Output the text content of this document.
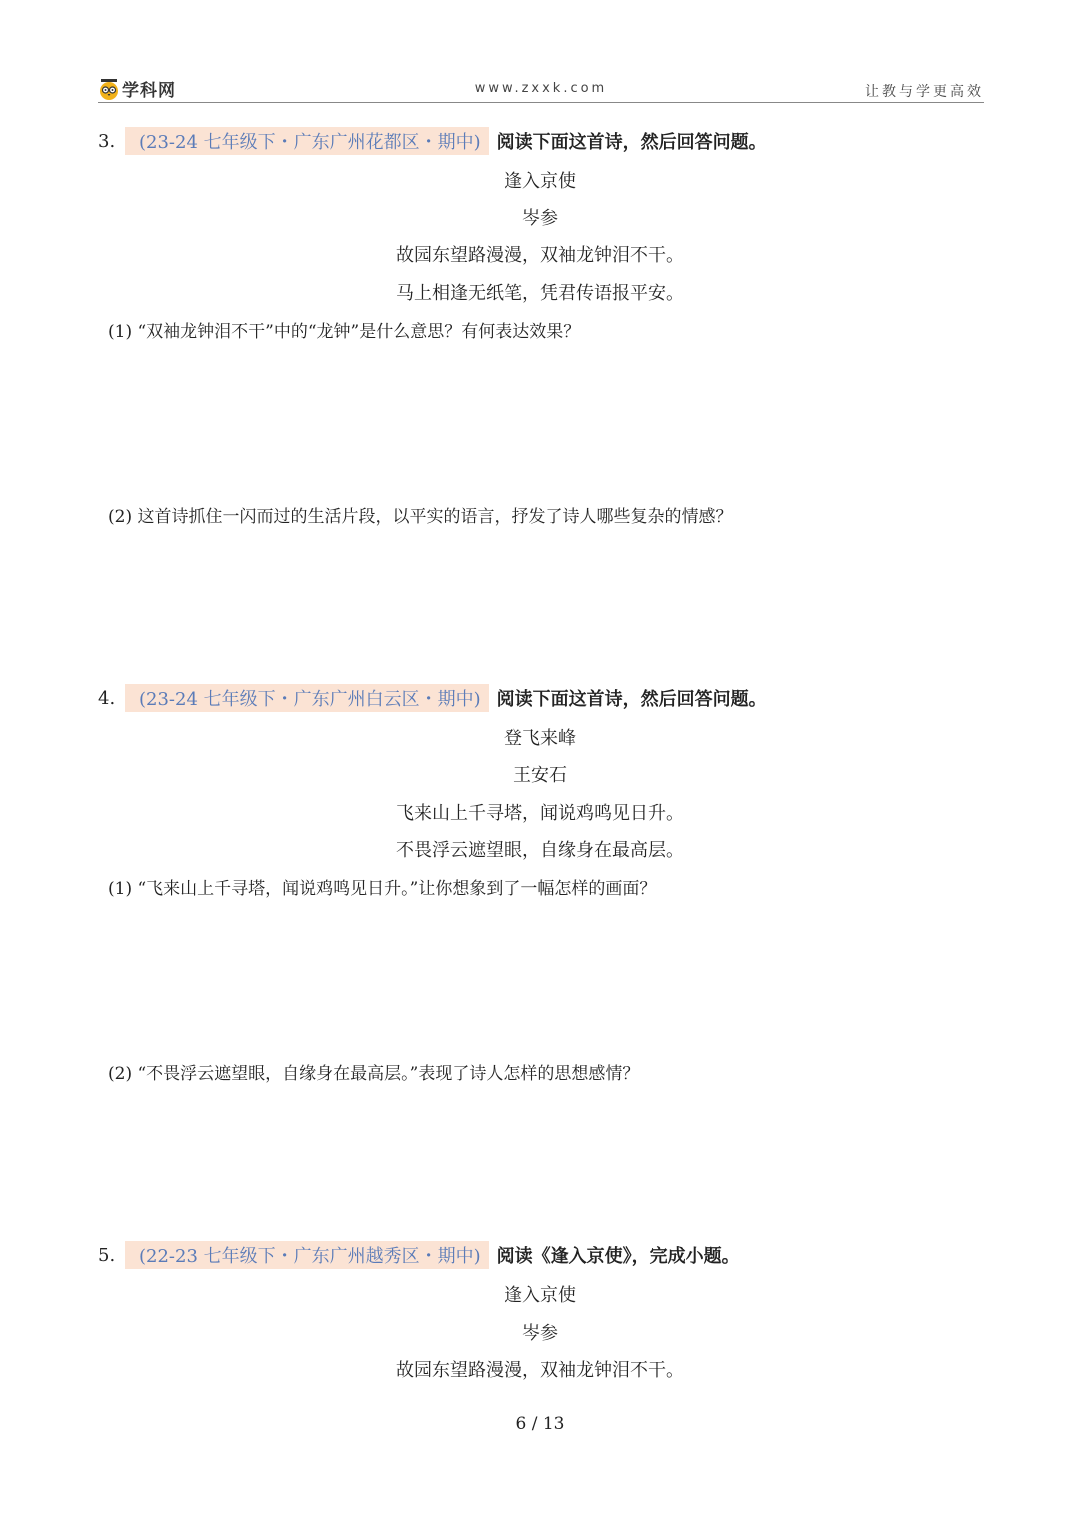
学科网	www.zxxk.com	让教与学更高效
3.	(23-24 七年级下・广东广州花都区・期中) 阅读下面这首诗，然后回答问题。
逢入京使
岑参
故园东望路漫漫，双袖龙钟泪不干。
马上相逢无纸笔，凭君传语报平安。
(1) “双袖龙钟泪不干”中的“龙钟”是什么意思？有何表达效果？
(2) 这首诗抓住一闪而过的生活片段，以平实的语言，抒发了诗人哪些复杂的情感？
4.	(23-24 七年级下・广东广州白云区・期中) 阅读下面这首诗，然后回答问题。
登飞来峰
王安石
飞来山上千寻塔，闻说鸡鸣见日升。
不畏浮云遮望眼，自缘身在最高层。
(1) “飞来山上千寻塔，闻说鸡鸣见日升。”让你想象到了一幅怎样的画面？
(2) “不畏浮云遮望眼，自缘身在最高层。”表现了诗人怎样的思想感情？
5.	(22-23 七年级下・广东广州越秀区・期中) 阅读《逢入京使》，完成小题。
逢入京使
岑参
故园东望路漫漫，双袖龙钟泪不干。
6 / 13
